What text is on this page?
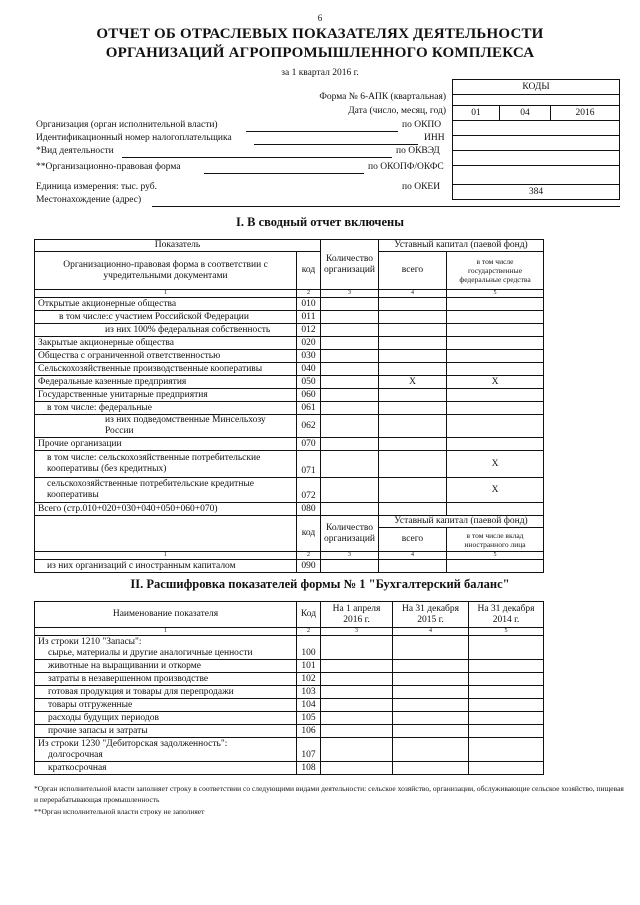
6
ОТЧЕТ ОБ ОТРАСЛЕВЫХ ПОКАЗАТЕЛЯХ ДЕЯТЕЛЬНОСТИ
ОРГАНИЗАЦИЙ АГРОПРОМЫШЛЕННОГО КОМПЛЕКСА
за 1 квартал 2016 г.
КОДЫ

01	04	2016

384
Форма № 6-АПК (квартальная)
Дата (число, месяц, год)
Организация (орган исполнительной власти)	по ОКПО
Идентификационный номер налогоплательщика	ИНН
*Вид деятельности	по ОКВЭД
**Организационно-правовая форма	по ОКОПФ/ОКФС
Единица измерения: тыс. руб.	по ОКЕИ
Местонахождение (адрес)
I. В сводный отчет включены
Показатель		Количество организаций	Уставный капитал (паевой фонд)	
Организационно-правовая форма в соответствии с учредительными документами	код		всего	в том числе государственные федеральные средства
1	2	3	4	5
Открытые акционерные общества	010			
в том числе:с участием Российской Федерации	011			
из них 100% федеральная собственность	012			
Закрытые акционерные общества	020			
Общества с ограниченной ответственностью	030			
Сельскохозяйственные производственные кооперативы	040			
Федеральные казенные предприятия	050		Х	Х
Государственные унитарные предприятия	060			
в том числе: федеральные	061			
из них подведомственные Минсельхозу России	062			
Прочие организации	070			
в том числе: сельскохозяйственные потребительские кооперативы (без кредитных)	071			Х
сельскохозяйственные потребительские кредитные кооперативы	072			Х
Всего (стр.010+020+030+040+050+060+070)	080			
	код	Количество организаций	Уставный капитал (паевой фонд)	
			всего	в том числе вклад иностранного лица
1	2	3	4	5
из них организаций с иностранным капиталом	090			
II. Расшифровка показателей формы № 1 "Бухгалтерский баланс"
Наименование показателя	Код	На 1 апреля 2016 г.	На 31 декабря 2015 г.	На 31 декабря 2014 г.
1	2	3	4	5

Из строки 1210 "Запасы":
сырье, материалы и другие аналогичные ценности	100			
животные на выращивании и откорме	101			
затраты в незавершенном производстве	102			
готовая продукция и товары для перепродажи	103			
товары отгруженные	104			
расходы будущих периодов	105			
прочие запасы и затраты	106			

Из строки 1230 "Дебиторская задолженность":
долгосрочная	107			
краткосрочная	108			
*Орган исполнительной власти заполняет строку в соответствии со следующими видами деятельности: сельское хозяйство, организации, обслуживающие сельское хозяйство, пищевая и перерабатывающая промышленность
**Орган исполнительной власти строку не заполняет
